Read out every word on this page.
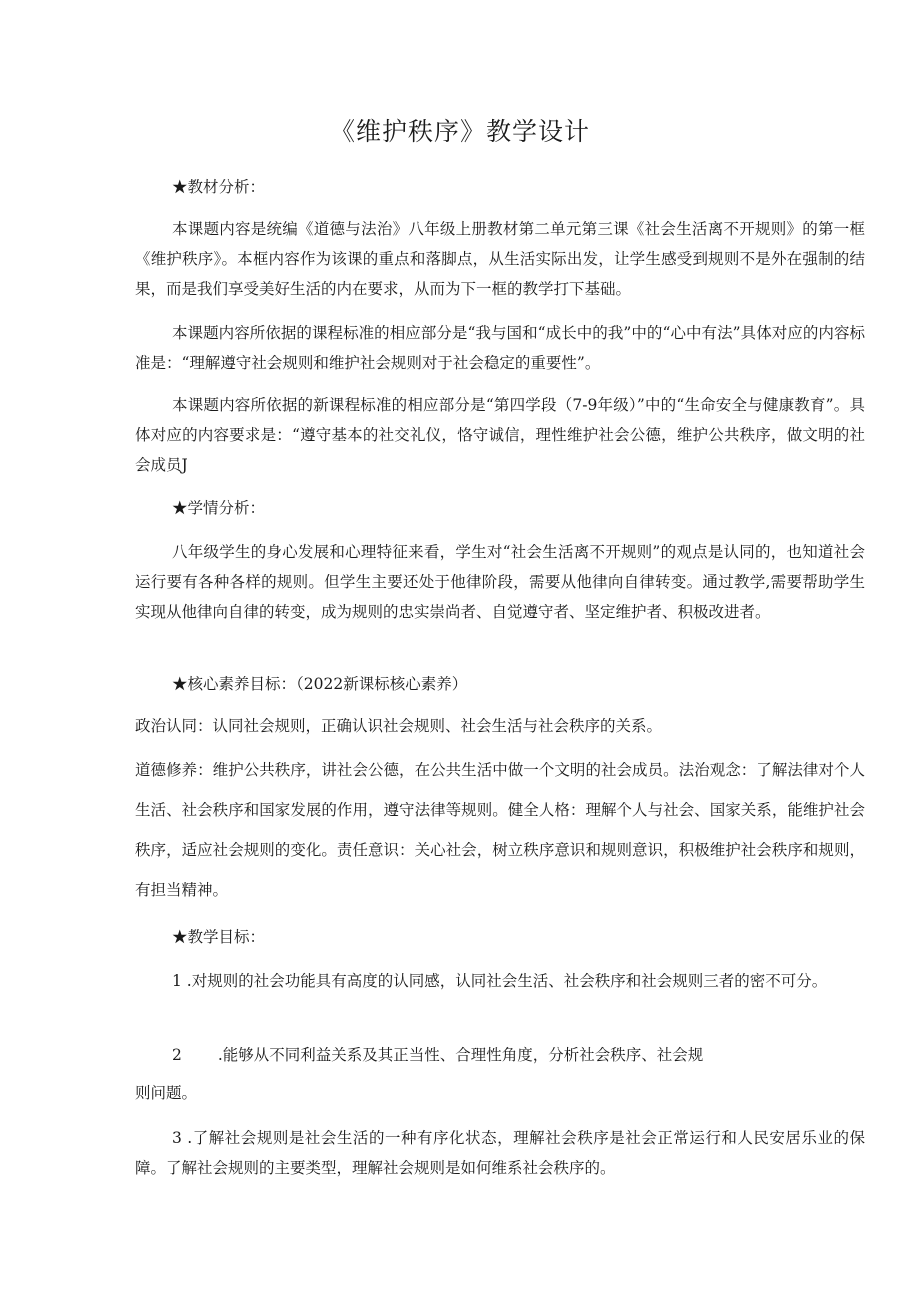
《维护秩序》教学设计
★教材分析：
本课题内容是统编《道德与法治》八年级上册教材第二单元第三课《社会生活离不开规则》的第一框《维护秩序》。本框内容作为该课的重点和落脚点，从生活实际出发，让学生感受到规则不是外在强制的结果，而是我们享受美好生活的内在要求，从而为下一框的教学打下基础。
本课题内容所依据的课程标准的相应部分是“我与国和“成长中的我”中的“心中有法”具体对应的内容标准是：“理解遵守社会规则和维护社会规则对于社会稳定的重要性”。
本课题内容所依据的新课程标准的相应部分是“第四学段（7-9年级）”中的“生命安全与健康教育”。具体对应的内容要求是：“遵守基本的社交礼仪，恪守诚信，理性维护社会公德，维护公共秩序，做文明的社会成员J
★学情分析：
八年级学生的身心发展和心理特征来看，学生对“社会生活离不开规则”的观点是认同的，也知道社会运行要有各种各样的规则。但学生主要还处于他律阶段，需要从他律向自律转变。通过教学,需要帮助学生实现从他律向自律的转变，成为规则的忠实崇尚者、自觉遵守者、坚定维护者、积极改进者。
★核心素养目标：（2022新课标核心素养）
政治认同：认同社会规则，正确认识社会规则、社会生活与社会秩序的关系。
道德修养：维护公共秩序，讲社会公德，在公共生活中做一个文明的社会成员。法治观念：了解法律对个人生活、社会秩序和国家发展的作用，遵守法律等规则。健全人格：理解个人与社会、国家关系，能维护社会秩序，适应社会规则的变化。责任意识：关心社会，树立秩序意识和规则意识，积极维护社会秩序和规则，有担当精神。
★教学目标：
1 .对规则的社会功能具有高度的认同感，认同社会生活、社会秩序和社会规则三者的密不可分。
2 .能够从不同利益关系及其正当性、合理性角度，分析社会秩序、社会规
则问题。
3 .了解社会规则是社会生活的一种有序化状态，理解社会秩序是社会正常运行和人民安居乐业的保障。了解社会规则的主要类型，理解社会规则是如何维系社会秩序的。
